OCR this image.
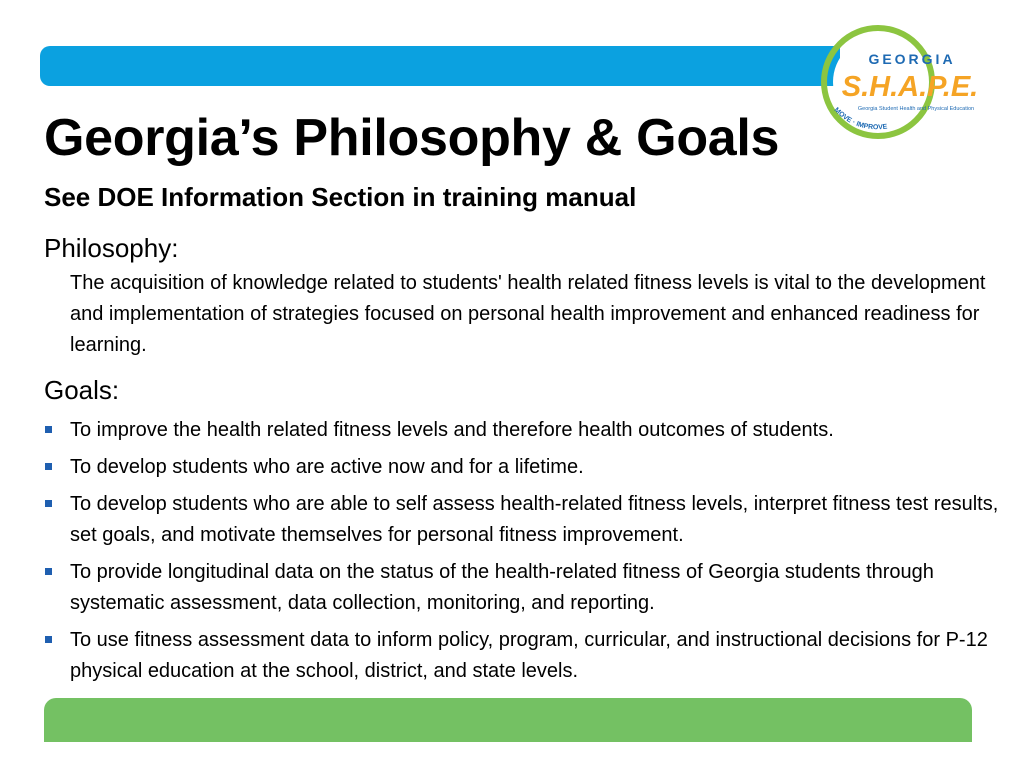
GEORGIA
S.H.A.P.E.
Georgia Student Health and Physical Education
MOVE · IMPROVE
Georgia’s Philosophy & Goals
See DOE Information Section in training manual
Philosophy:

The acquisition of knowledge related to students' health related fitness levels is vital to the development and implementation of strategies focused on personal health improvement and enhanced readiness for learning.

Goals:
To improve the health related fitness levels and therefore health outcomes of students.
To develop students who are active now and for a lifetime.
To develop students who are able to self assess health-related fitness levels, interpret fitness test results, set goals, and motivate themselves for personal fitness improvement.
To provide longitudinal data on the status of the health-related fitness of Georgia students through systematic assessment, data collection, monitoring, and reporting.
To use fitness assessment data to inform policy, program, curricular, and instructional decisions for P-12 physical education at the school, district, and state levels.
